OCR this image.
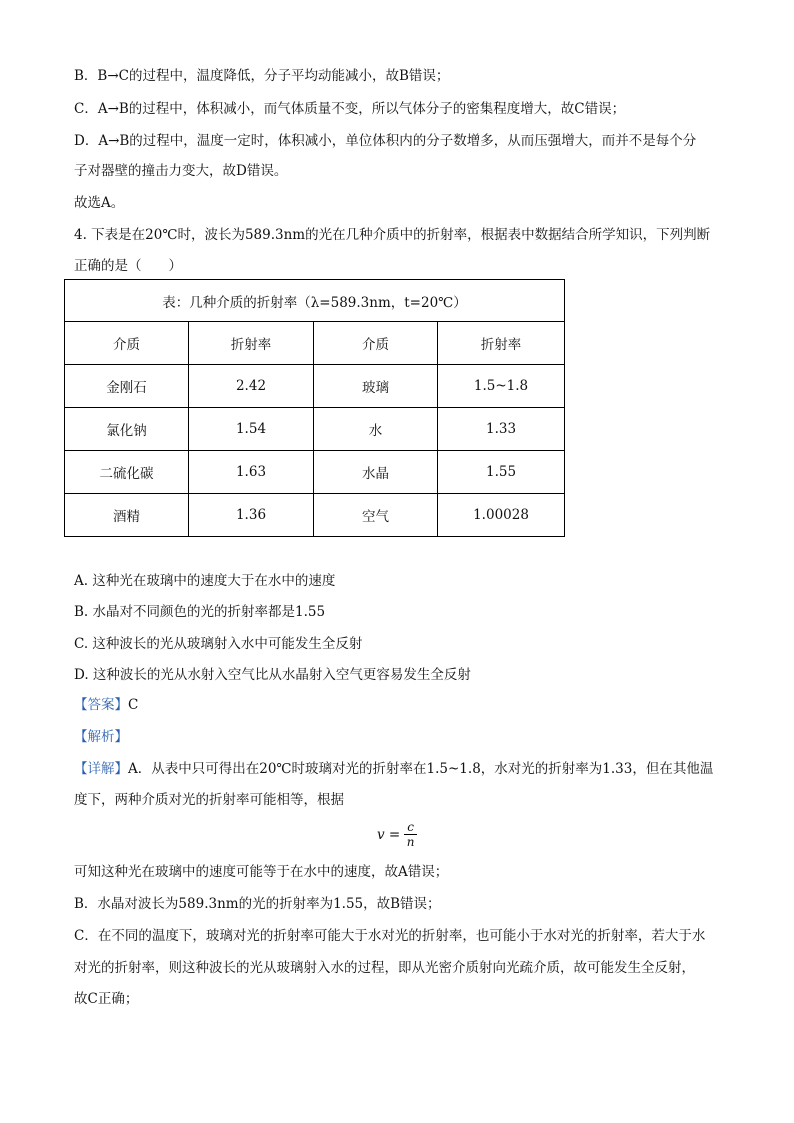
B．B→C的过程中，温度降低，分子平均动能减小，故B错误；
C．A→B的过程中，体积减小，而气体质量不变，所以气体分子的密集程度增大，故C错误；
D．A→B的过程中，温度一定时，体积减小，单位体积内的分子数增多，从而压强增大，而并不是每个分
子对器壁的撞击力变大，故D错误。
故选A。
4. 下表是在20℃时，波长为589.3nm的光在几种介质中的折射率，根据表中数据结合所学知识，下列判断
正确的是（　　）
表：几种介质的折射率（λ=589.3nm，t=20℃）			
介质	折射率	介质	折射率
金刚石	2.42	玻璃	1.5~1.8
氯化钠	1.54	水	1.33
二硫化碳	1.63	水晶	1.55
酒精	1.36	空气	1.00028
A. 这种光在玻璃中的速度大于在水中的速度
B. 水晶对不同颜色的光的折射率都是1.55
C. 这种波长的光从玻璃射入水中可能发生全反射
D. 这种波长的光从水射入空气比从水晶射入空气更容易发生全反射
【答案】C
【解析】
【详解】A．从表中只可得出在20℃时玻璃对光的折射率在1.5~1.8，水对光的折射率为1.33，但在其他温
度下，两种介质对光的折射率可能相等，根据
$v = \frac{c}{n}$
可知这种光在玻璃中的速度可能等于在水中的速度，故A错误；
B．水晶对波长为589.3nm的光的折射率为1.55，故B错误；
C．在不同的温度下，玻璃对光的折射率可能大于水对光的折射率，也可能小于水对光的折射率，若大于水
对光的折射率，则这种波长的光从玻璃射入水的过程，即从光密介质射向光疏介质，故可能发生全反射，
故C正确；
